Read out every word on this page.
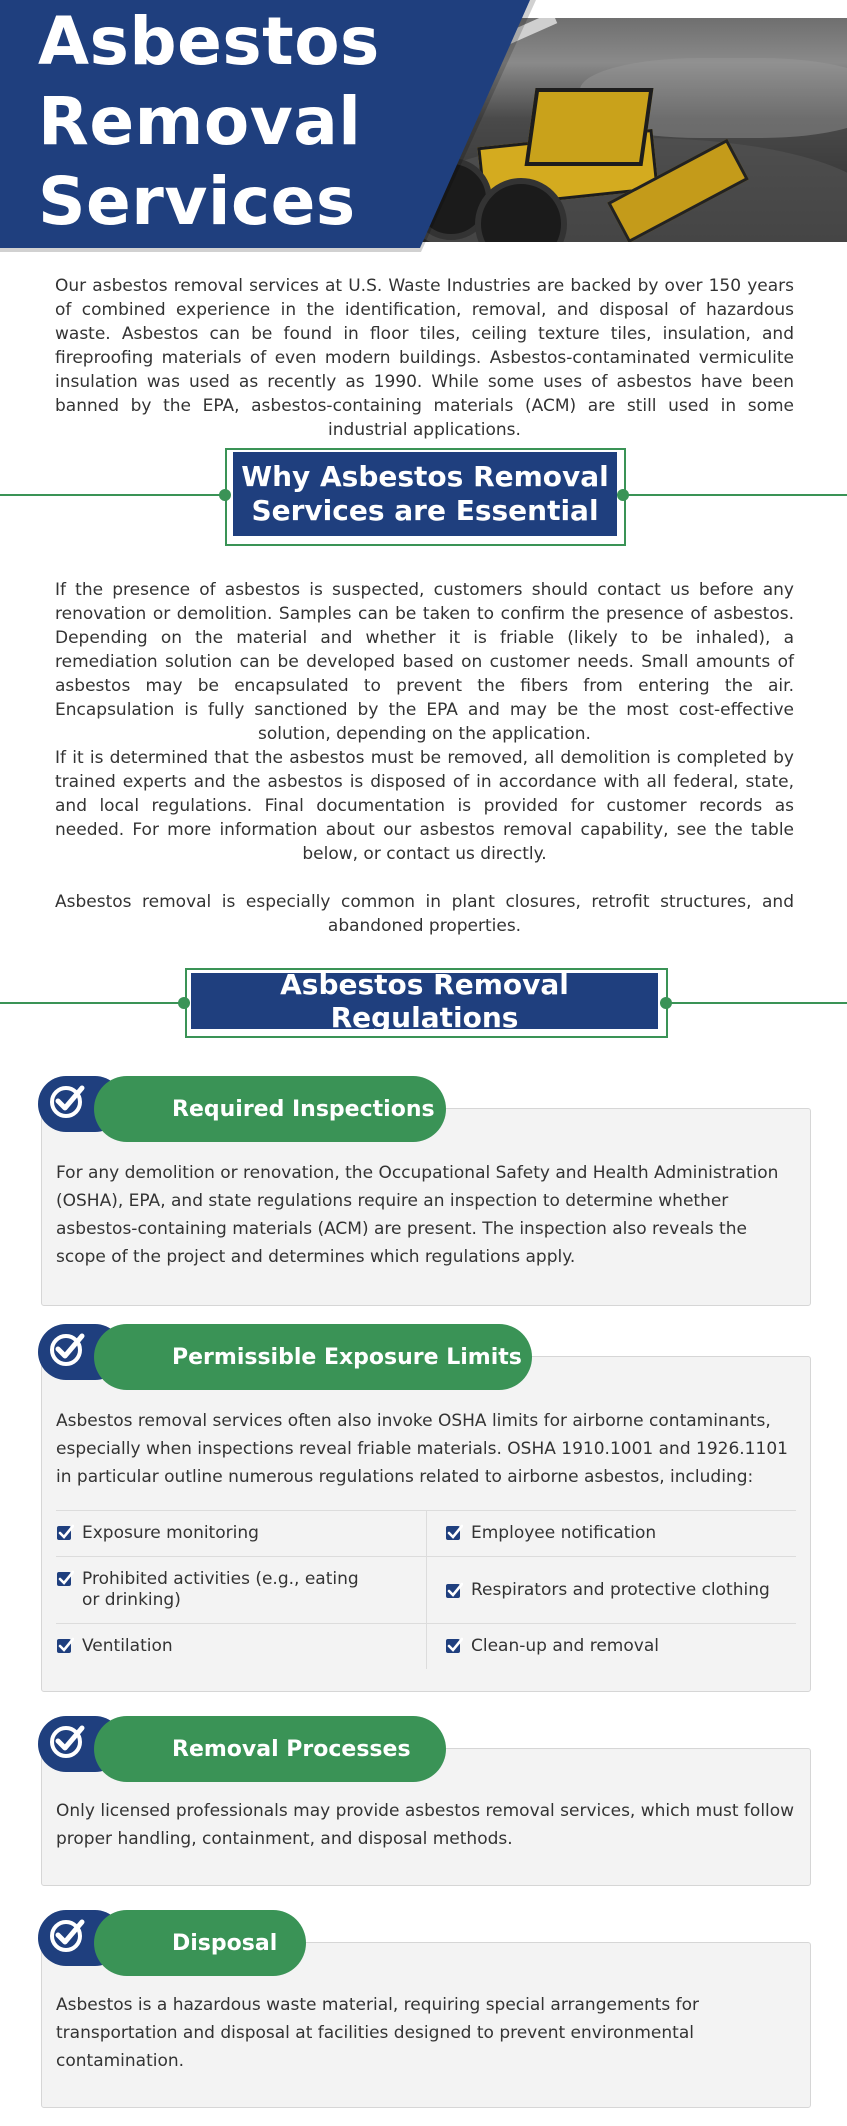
Asbestos
Removal
Services

Our asbestos removal services at U.S. Waste Industries are backed by over 150 years of combined experience in the identification, removal, and disposal of hazardous waste. Asbestos can be found in floor tiles, ceiling texture tiles, insulation, and fireproofing materials of even modern buildings. Asbestos-contaminated vermiculite insulation was used as recently as 1990. While some uses of asbestos have been banned by the EPA, asbestos-containing materials (ACM) are still used in some industrial applications.

Why Asbestos Removal
Services are Essential

If the presence of asbestos is suspected, customers should contact us before any renovation or demolition. Samples can be taken to confirm the presence of asbestos. Depending on the material and whether it is friable (likely to be inhaled), a remediation solution can be developed based on customer needs. Small amounts of asbestos may be encapsulated to prevent the fibers from entering the air. Encapsulation is fully sanctioned by the EPA and may be the most cost-effective solution, depending on the application.

If it is determined that the asbestos must be removed, all demolition is completed by trained experts and the asbestos is disposed of in accordance with all federal, state, and local regulations. Final documentation is provided for customer records as needed. For more information about our asbestos removal capability, see the table below, or contact us directly.

Asbestos removal is especially common in plant closures, retrofit structures, and abandoned properties.

Asbestos Removal Regulations

For any demolition or renovation, the Occupational Safety and Health Administration (OSHA), EPA, and state regulations require an inspection to determine whether asbestos-containing materials (ACM) are present. The inspection also reveals the scope of the project and determines which regulations apply.

Required Inspections

Asbestos removal services often also invoke OSHA limits for airborne contaminants, especially when inspections reveal friable materials. OSHA 1910.1001 and 1926.1101 in particular outline numerous regulations related to airborne asbestos, including:

Exposure monitoring	Employee notification
Prohibited activities (e.g., eating or drinking)
Respirators and protective clothing
Ventilation	Clean-up and removal
Permissible Exposure Limits

Only licensed professionals may provide asbestos removal services, which must follow proper handling, containment, and disposal methods.

Removal Processes

Asbestos is a hazardous waste material, requiring special arrangements for transportation and disposal at facilities designed to prevent environmental contamination.

Disposal
